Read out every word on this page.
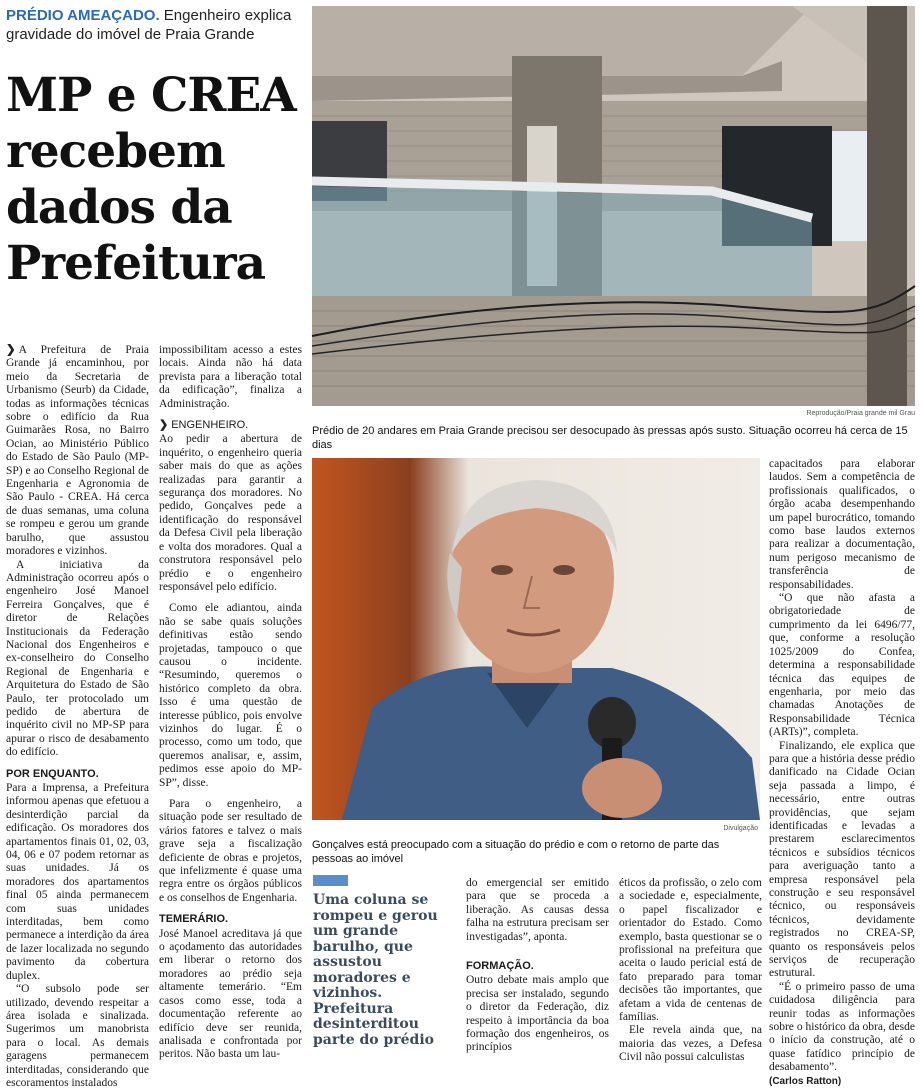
PRÉDIO AMEAÇADO. Engenheiro explica gravidade do imóvel de Praia Grande
MP e CREA recebem dados da Prefeitura
Reprodução/Praia grande mil Grau
Prédio de 20 andares em Praia Grande precisou ser desocupado às pressas após susto. Situação ocorreu há cerca de 15 dias
Divulgação
Gonçalves está preocupado com a situação do prédio e com o retorno de parte das pessoas ao imóvel

❯ A Prefeitura de Praia Grande já encaminhou, por meio da Secretaria de Urbanismo (Seurb) da Cidade, todas as informações técnicas sobre o edifício da Rua Guimarães Rosa, no Bairro Ocian, ao Ministério Público do Estado de São Paulo (MP-SP) e ao Conselho Regional de Engenharia e Agronomia de São Paulo - CREA. Há cerca de duas semanas, uma coluna se rompeu e gerou um grande barulho, que assustou moradores e vizinhos.

A iniciativa da Administração ocorreu após o engenheiro José Manoel Ferreira Gonçalves, que é diretor de Relações Institucionais da Federação Nacional dos Engenheiros e ex-conselheiro do Conselho Regional de Engenharia e Arquitetura do Estado de São Paulo, ter protocolado um pedido de abertura de inquérito civil no MP-SP para apurar o risco de desabamento do edifício.

POR ENQUANTO.

Para a Imprensa, a Prefeitura informou apenas que efetuou a desinterdição parcial da edificação. Os moradores dos apartamentos finais 01, 02, 03, 04, 06 e 07 podem retornar as suas unidades. Já os moradores dos apartamentos final 05 ainda permanecem com suas unidades interditadas, bem como permanece a interdição da área de lazer localizada no segundo pavimento da cobertura duplex.

“O subsolo pode ser utilizado, devendo respeitar a área isolada e sinalizada. Sugerimos um manobrista para o local. As demais garagens permanecem interditadas, considerando que escoramentos instalados

impossibilitam acesso a estes locais. Ainda não há data prevista para a liberação total da edificação”, finaliza a Administração.

❯ ENGENHEIRO.

Ao pedir a abertura de inquérito, o engenheiro queria saber mais do que as ações realizadas para garantir a segurança dos moradores. No pedido, Gonçalves pede a identificação do responsável da Defesa Civil pela liberação e volta dos moradores. Qual a construtora responsável pelo prédio e o engenheiro responsável pelo edifício.

Como ele adiantou, ainda não se sabe quais soluções definitivas estão sendo projetadas, tampouco o que causou o incidente. “Resumindo, queremos o histórico completo da obra. Isso é uma questão de interesse público, pois envolve vizinhos do lugar. É o processo, como um todo, que queremos analisar, e, assim, pedimos esse apoio do MP-SP”, disse.

Para o engenheiro, a situação pode ser resultado de vários fatores e talvez o mais grave seja a fiscalização deficiente de obras e projetos, que infelizmente é quase uma regra entre os órgãos públicos e os conselhos de Engenharia.

TEMERÁRIO.

José Manoel acreditava já que o açodamento das autoridades em liberar o retorno dos moradores ao prédio seja altamente temerário. “Em casos como esse, toda a documentação referente ao edifício deve ser reunida, analisada e confrontada por peritos. Não basta um lau-

Uma coluna se rompeu e gerou um grande barulho, que assustou moradores e vizinhos. Prefeitura desinterditou parte do prédio

do emergencial ser emitido para que se proceda a liberação. As causas dessa falha na estrutura precisam ser investigadas”, aponta.

FORMAÇÃO.

Outro debate mais amplo que precisa ser instalado, segundo o diretor da Federação, diz respeito à importância da boa formação dos engenheiros, os princípios

éticos da profissão, o zelo com a sociedade e, especialmente, o papel fiscalizador e orientador do Estado. Como exemplo, basta questionar se o profissional na prefeitura que aceita o laudo pericial está de fato preparado para tomar decisões tão importantes, que afetam a vida de centenas de famílias.

Ele revela ainda que, na maioria das vezes, a Defesa Civil não possui calculistas

capacitados para elaborar laudos. Sem a competência de profissionais qualificados, o órgão acaba desempenhando um papel burocrático, tomando como base laudos externos para realizar a documentação, num perigoso mecanismo de transferência de responsabilidades.

“O que não afasta a obrigatoriedade de cumprimento da lei 6496/77, que, conforme a resolução 1025/2009 do Confea, determina a responsabilidade técnica das equipes de engenharia, por meio das chamadas Anotações de Responsabilidade Técnica (ARTs)”, completa.

Finalizando, ele explica que para que a história desse prédio danificado na Cidade Ocian seja passada a limpo, é necessário, entre outras providências, que sejam identificadas e levadas a prestarem esclarecimentos técnicos e subsídios técnicos para averiguação tanto a empresa responsável pela construção e seu responsável técnico, ou responsáveis técnicos, devidamente registrados no CREA-SP, quanto os responsáveis pelos serviços de recuperação estrutural.

“É o primeiro passo de uma cuidadosa diligência para reunir todas as informações sobre o histórico da obra, desde o início da construção, até o quase fatídico princípio de desabamento”.

(Carlos Ratton)
